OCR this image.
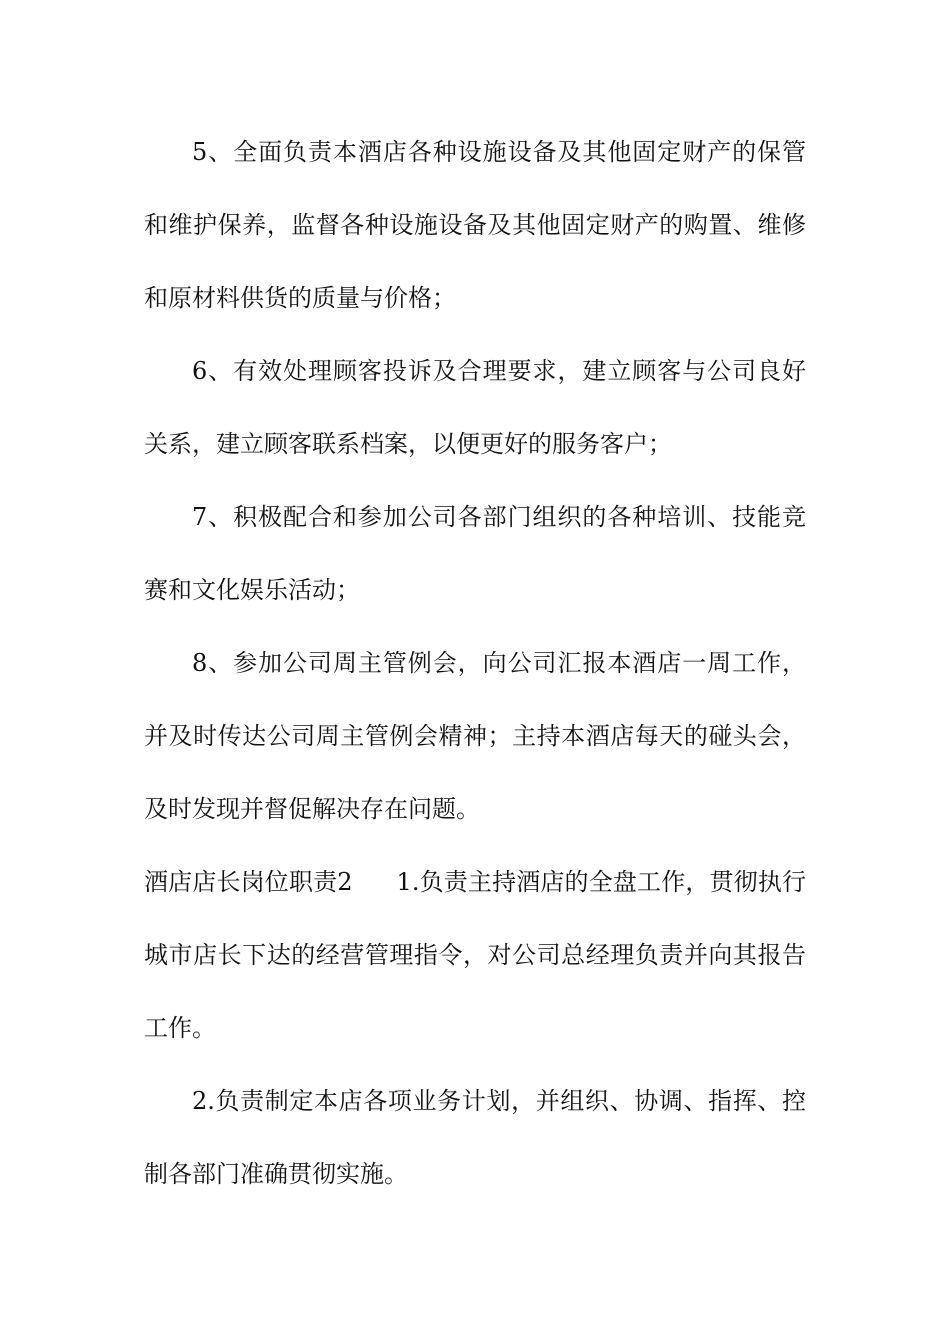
5、全面负责本酒店各种设施设备及其他固定财产的保管和维护保养，监督各种设施设备及其他固定财产的购置、维修和原材料供货的质量与价格；

6、有效处理顾客投诉及合理要求，建立顾客与公司良好关系，建立顾客联系档案，以便更好的服务客户；

7、积极配合和参加公司各部门组织的各种培训、技能竞赛和文化娱乐活动；

8、参加公司周主管例会，向公司汇报本酒店一周工作，并及时传达公司周主管例会精神；主持本酒店每天的碰头会，及时发现并督促解决存在问题。

酒店店长岗位职责2 1.负责主持酒店的全盘工作，贯彻执行城市店长下达的经营管理指令，对公司总经理负责并向其报告工作。

2.负责制定本店各项业务计划，并组织、协调、指挥、控制各部门准确贯彻实施。
